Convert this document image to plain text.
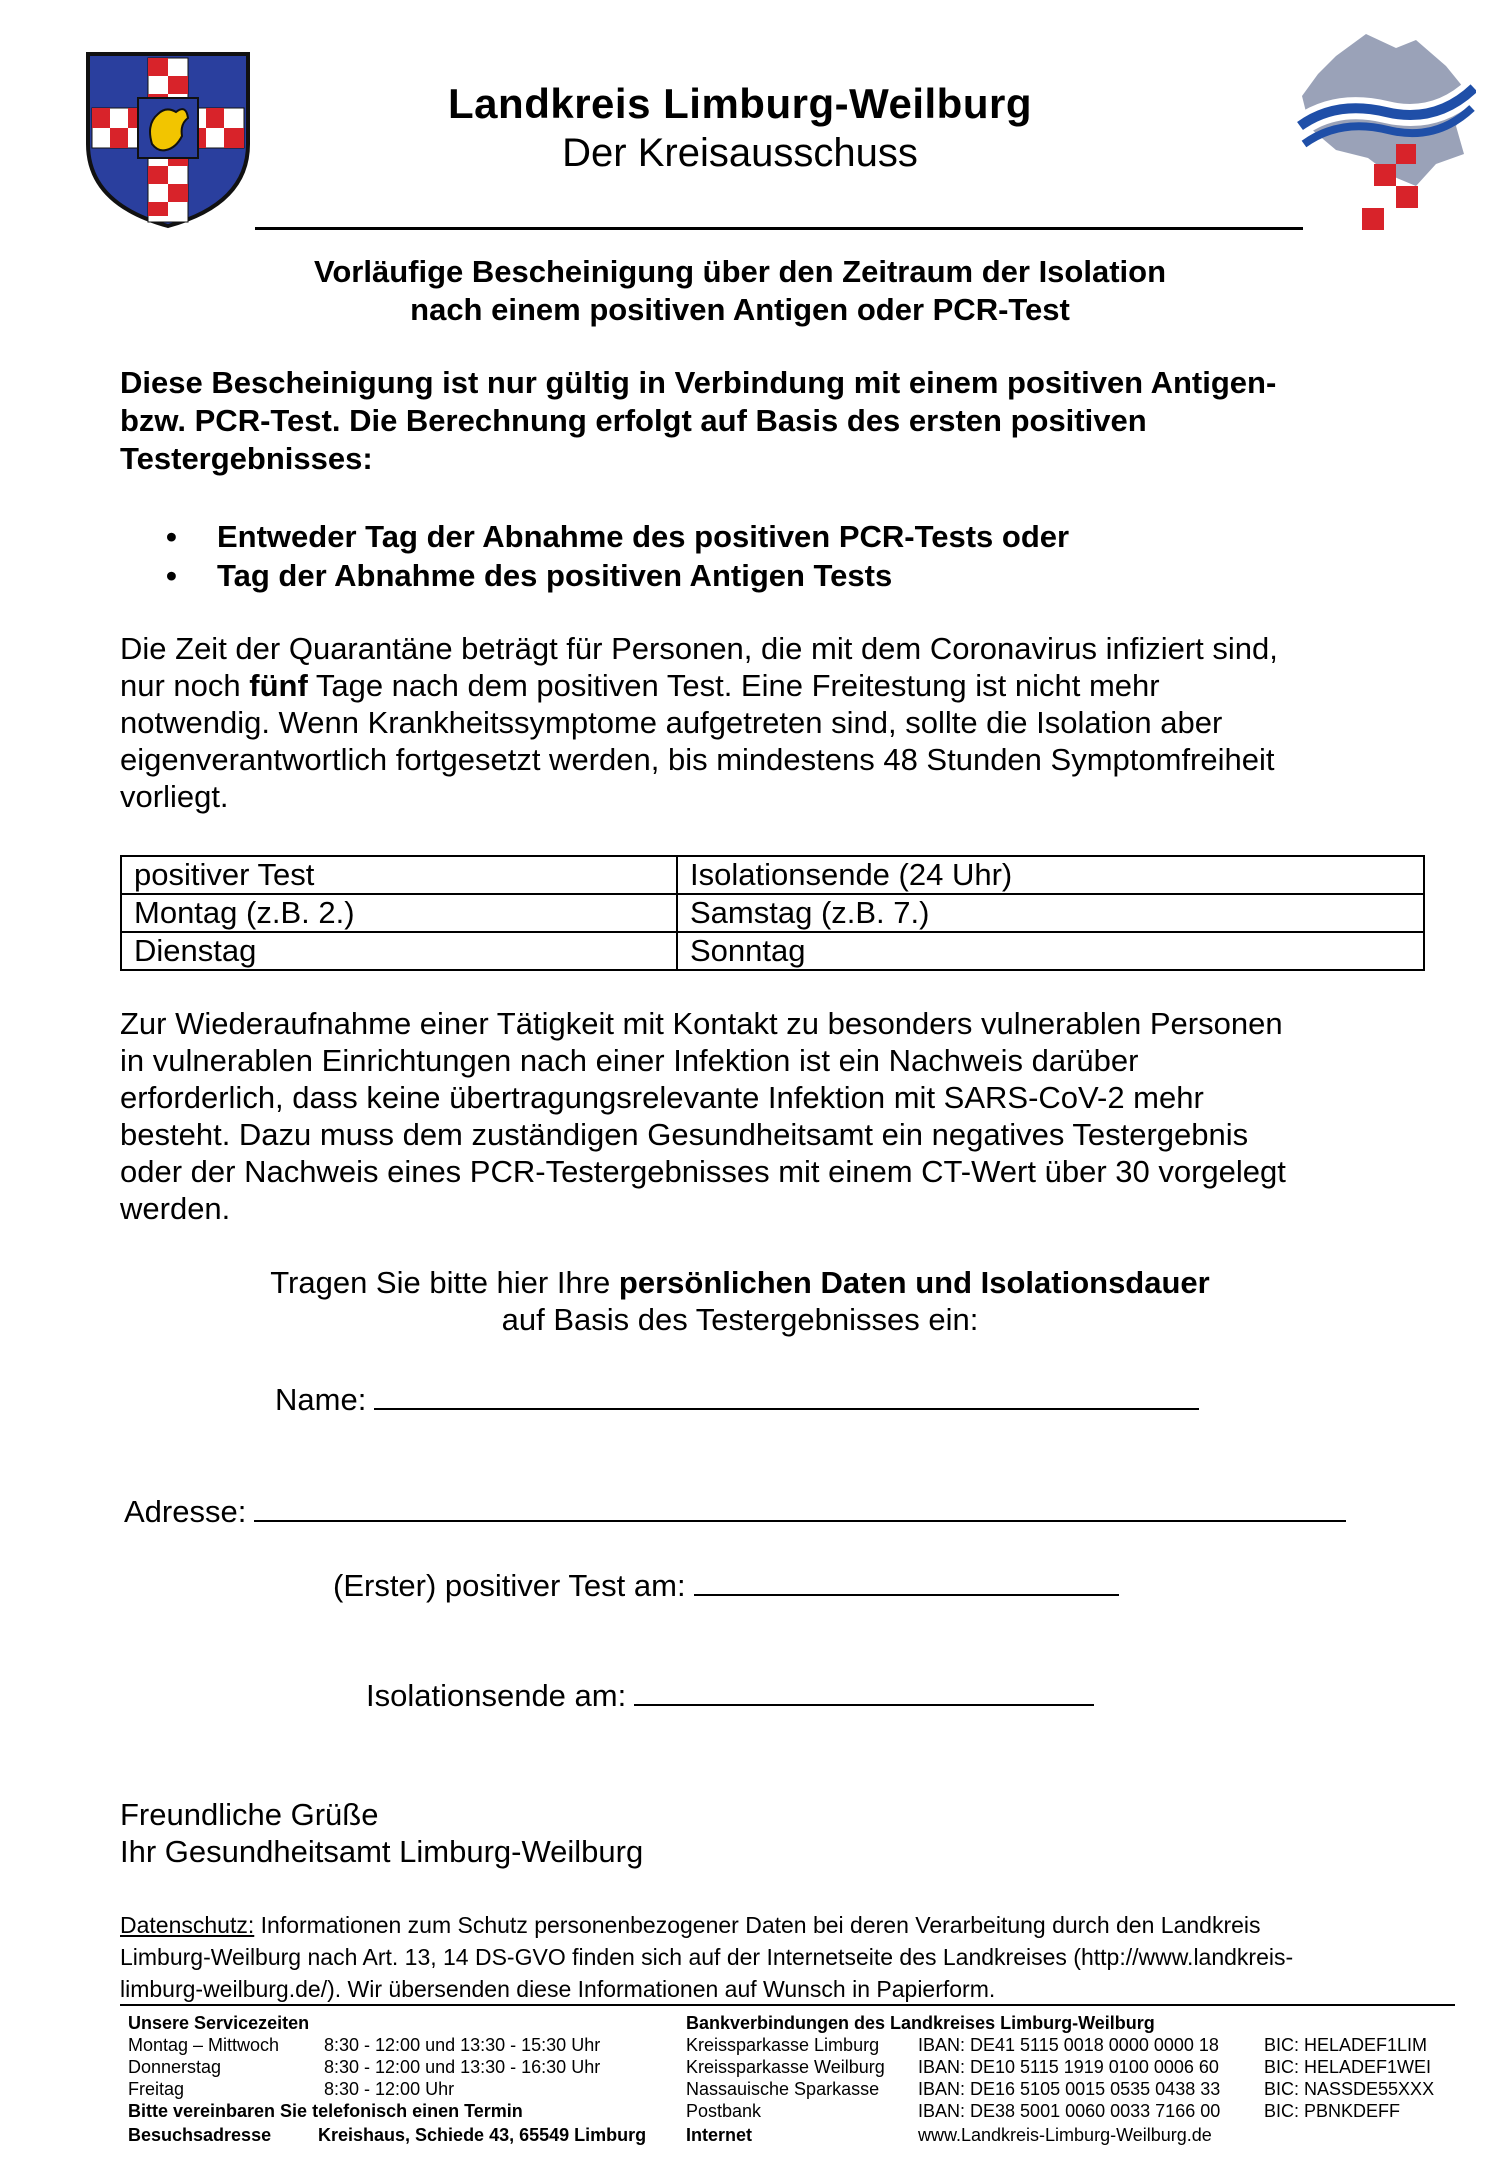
Landkreis Limburg-Weilburg
Der Kreisausschuss
Vorläufige Bescheinigung über den Zeitraum der Isolation
nach einem positiven Antigen oder PCR-Test

Diese Bescheinigung ist nur gültig in Verbindung mit einem positiven Antigen-

bzw. PCR-Test. Die Berechnung erfolgt auf Basis des ersten positiven

Testergebnisses:

•	Entweder Tag der Abnahme des positiven PCR-Tests oder
•	Tag der Abnahme des positiven Antigen Tests

Die Zeit der Quarantäne beträgt für Personen, die mit dem Coronavirus infiziert sind,

nur noch fünf Tage nach dem positiven Test. Eine Freitestung ist nicht mehr

notwendig. Wenn Krankheitssymptome aufgetreten sind, sollte die Isolation aber

eigenverantwortlich fortgesetzt werden, bis mindestens 48 Stunden Symptomfreiheit

vorliegt.

positiver Test	Isolationsende (24 Uhr)
Montag (z.B. 2.)	Samstag (z.B. 7.)
Dienstag	Sonntag

Zur Wiederaufnahme einer Tätigkeit mit Kontakt zu besonders vulnerablen Personen

in vulnerablen Einrichtungen nach einer Infektion ist ein Nachweis darüber

erforderlich, dass keine übertragungsrelevante Infektion mit SARS-CoV-2 mehr

besteht. Dazu muss dem zuständigen Gesundheitsamt ein negatives Testergebnis

oder der Nachweis eines PCR-Testergebnisses mit einem CT-Wert über 30 vorgelegt

werden.

Tragen Sie bitte hier Ihre persönlichen Daten und Isolationsdauer

auf Basis des Testergebnisses ein:

Name:
Adresse:
(Erster) positiver Test am:
Isolationsende am:
Freundliche Grüße
Ihr Gesundheitsamt Limburg-Weilburg
Datenschutz: Informationen zum Schutz personenbezogener Daten bei deren Verarbeitung durch den Landkreis
Limburg-Weilburg nach Art. 13, 14 DS-GVO finden sich auf der Internetseite des Landkreises (http://www.landkreis-
limburg-weilburg.de/). Wir übersenden diese Informationen auf Wunsch in Papierform.
Unsere Servicezeiten	Bankverbindungen des Landkreises Limburg-Weilburg
Montag – Mittwoch	8:30 - 12:00 und 13:30 - 15:30 Uhr	Kreissparkasse Limburg	IBAN: DE41 5115 0018 0000 0000 18	BIC: HELADEF1LIM
Donnerstag	8:30 - 12:00 und 13:30 - 16:30 Uhr	Kreissparkasse Weilburg	IBAN: DE10 5115 1919 0100 0006 60	BIC: HELADEF1WEI
Freitag	8:30 - 12:00 Uhr	Nassauische Sparkasse	IBAN: DE16 5105 0015 0535 0438 33	BIC: NASSDE55XXX
Bitte vereinbaren Sie telefonisch einen Termin	Postbank	IBAN: DE38 5001 0060 0033 7166 00	BIC: PBNKDEFF
Besuchsadresse	Kreishaus, Schiede 43, 65549 Limburg	Internet	www.Landkreis-Limburg-Weilburg.de
